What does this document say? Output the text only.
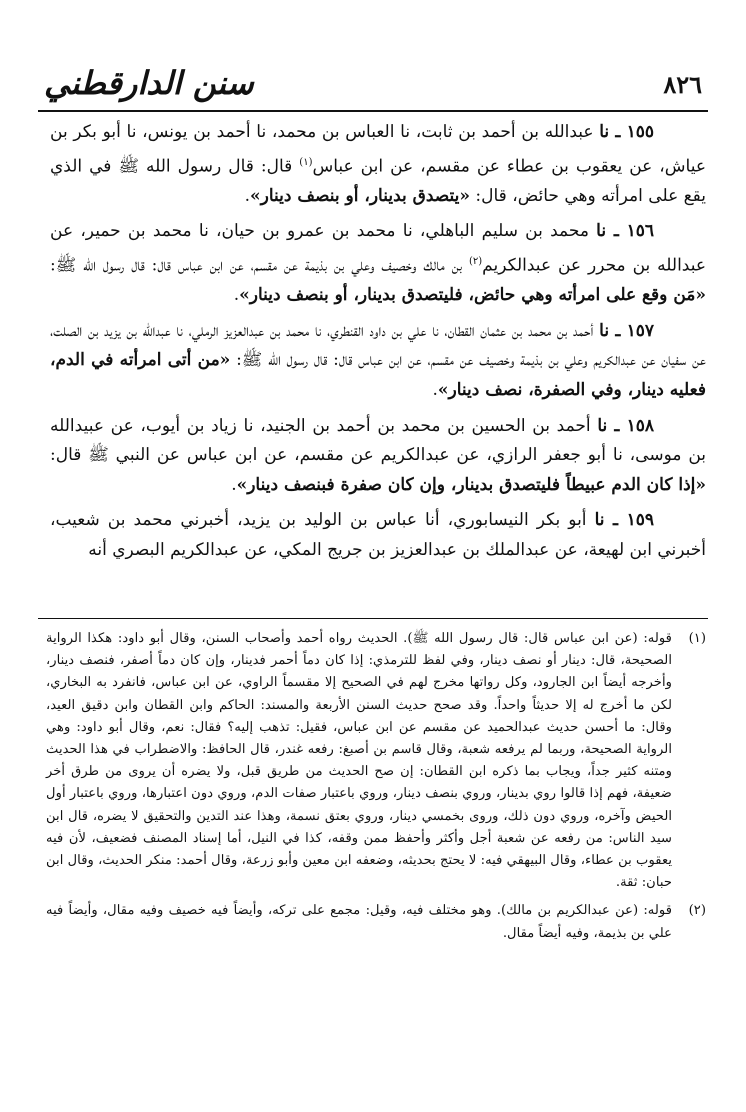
سنن الدارقطني	٨٢٦

١٥٥ ـ نا عبدالله بن أحمد بن ثابت، نا العباس بن محمد، نا أحمد بن يونس، نا أبو بكر بن عياش، عن يعقوب بن عطاء عن مقسم، عن ابن عباس$^{(١)}$ قال: قال رسول الله ﷺ في الذي يقع على امرأته وهي حائض، قال: «يتصدق بدينار، أو بنصف دينار».

١٥٦ ـ نا محمد بن سليم الباهلي، نا محمد بن عمرو بن حيان، نا محمد بن حمير، عن عبدالله بن محرر عن عبدالكريم$^{(٢)}$ بن مالك وخصيف وعلي بن بذيمة عن مقسم، عن ابن عباس قال: قال رسول الله ﷺ: «مَن وقع على امرأته وهي حائض، فليتصدق بدينار، أو بنصف دينار».

١٥٧ ـ نا أحمد بن محمد بن عثمان القطان، نا علي بن داود القنطري، نا محمد بن عبدالعزيز الرملي، نا عبدالله بن يزيد بن الصلت، عن سفيان عن عبدالكريم وعلي بن بذيمة وخصيف عن مقسم، عن ابن عباس قال: قال رسول الله ﷺ: «من أتى امرأته في الدم، فعليه دينار، وفي الصفرة، نصف دينار».

١٥٨ ـ نا أحمد بن الحسين بن محمد بن أحمد بن الجنيد، نا زياد بن أيوب، عن عبيدالله بن موسى، نا أبو جعفر الرازي، عن عبدالكريم عن مقسم، عن ابن عباس عن النبي ﷺ قال: «إذا كان الدم عبيطاً فليتصدق بدينار، وإن كان صفرة فبنصف دينار».

١٥٩ ـ نا أبو بكر النيسابوري، أنا عباس بن الوليد بن يزيد، أخبرني محمد بن شعيب، أخبرني ابن لهيعة، عن عبدالملك بن عبدالعزيز بن جريج المكي، عن عبدالكريم البصري أنه

(١)
قوله: (عن ابن عباس قال: قال رسول الله ﷺ). الحديث رواه أحمد وأصحاب السنن، وقال أبو داود: هكذا الرواية الصحيحة، قال: دينار أو نصف دينار، وفي لفظ للترمذي: إذا كان دماً أحمر فدينار، وإن كان دماً أصفر، فنصف دينار، وأخرجه أيضاً ابن الجارود، وكل رواتها مخرج لهم في الصحيح إلا مقسماً الراوي، عن ابن عباس، فانفرد به البخاري، لكن ما أخرج له إلا حديثاً واحداً. وقد صحح حديث السنن الأربعة والمسند: الحاكم وابن القطان وابن دقيق العيد، وقال: ما أحسن حديث عبدالحميد عن مقسم عن ابن عباس، فقيل: تذهب إليه؟ فقال: نعم، وقال أبو داود: وهي الرواية الصحيحة، وربما لم يرفعه شعبة، وقال قاسم بن أصبغ: رفعه غندر، قال الحافظ: والاضطراب في هذا الحديث ومتنه كثير جداً، ويجاب بما ذكره ابن القطان: إن صح الحديث من طريق قبل، ولا يضره أن يروى من طرق أخر ضعيفة، فهم إذا قالوا روي بدينار، وروي بنصف دينار، وروي باعتبار صفات الدم، وروي دون اعتبارها، وروي باعتبار أول الحيض وآخره، وروي دون ذلك، وروى بخمسي دينار، وروي بعتق نسمة، وهذا عند التدين والتحقيق لا يضره، قال ابن سيد الناس: من رفعه عن شعبة أجل وأكثر وأحفظ ممن وقفه، كذا في النيل، أما إسناد المصنف فضعيف، لأن فيه يعقوب بن عطاء، وقال البيهقي فيه: لا يحتج بحديثه، وضعفه ابن معين وأبو زرعة، وقال أحمد: منكر الحديث، وقال ابن حبان: ثقة.
(٢)
قوله: (عن عبدالكريم بن مالك). وهو مختلف فيه، وقيل: مجمع على تركه، وأيضاً فيه خصيف وفيه مقال، وأيضاً فيه علي بن بذيمة، وفيه أيضاً مقال.
